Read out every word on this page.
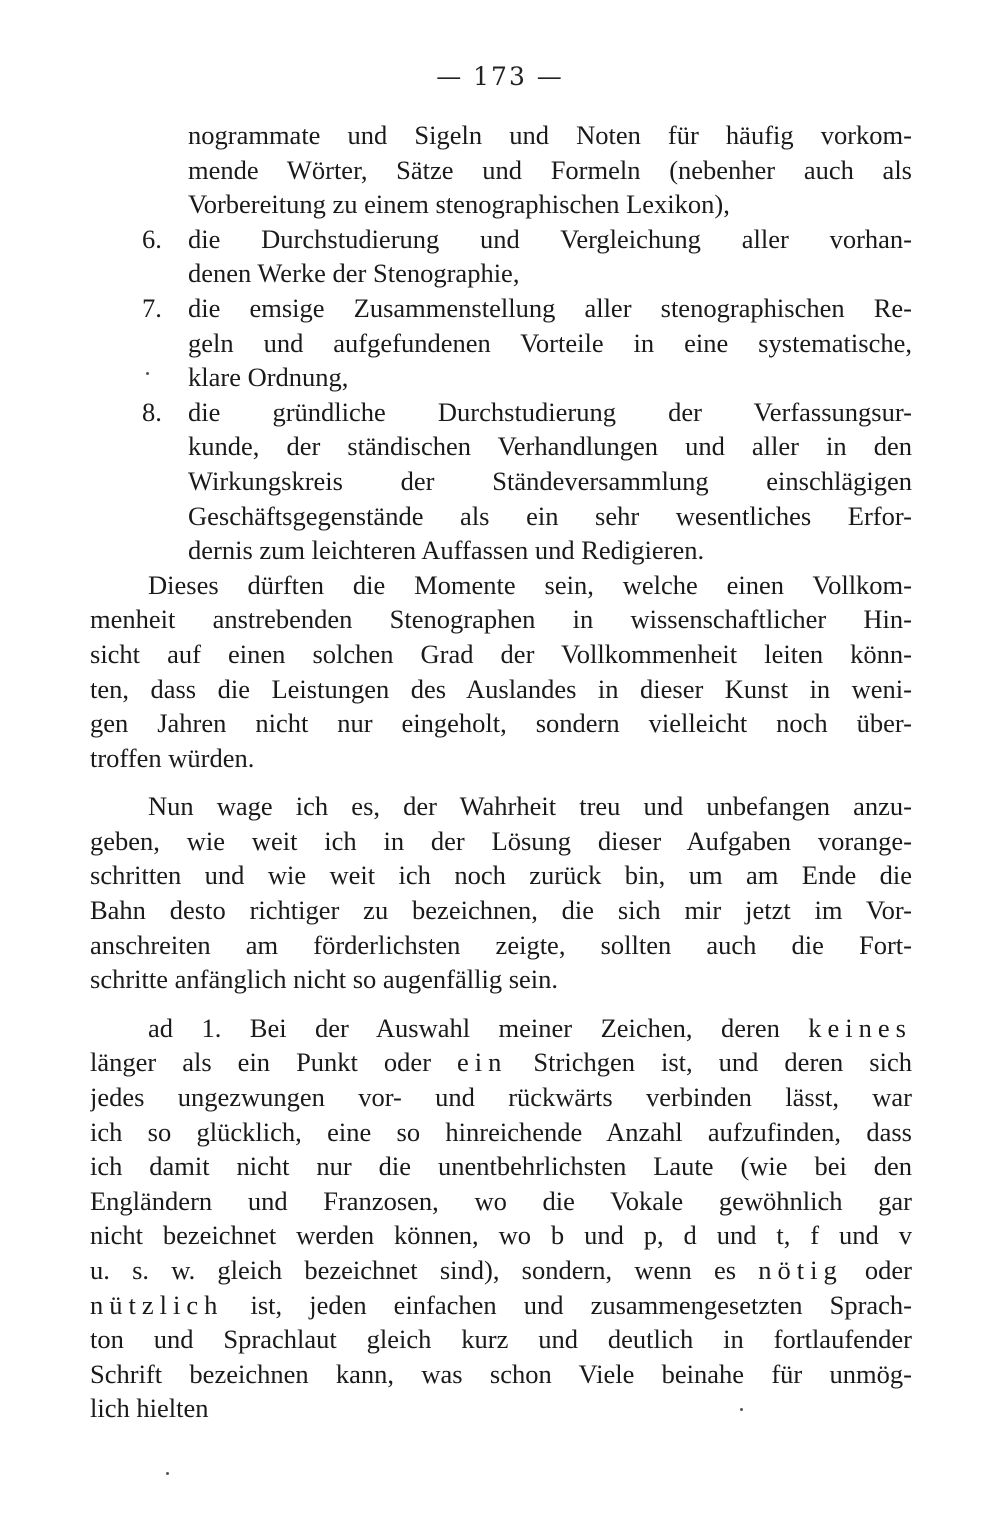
— 173 —
nogrammate und Sigeln und Noten für häufig vorkom-
mende Wörter, Sätze und Formeln (nebenher auch als
Vorbereitung zu einem stenographischen Lexikon),
6. die Durchstudierung und Vergleichung aller vorhan-
denen Werke der Stenographie,
7. die emsige Zusammenstellung aller stenographischen Re-
geln und aufgefundenen Vorteile in eine systematische,
klare Ordnung,
8. die gründliche Durchstudierung der Verfassungsur-
kunde, der ständischen Verhandlungen und aller in den
Wirkungskreis der Ständeversammlung einschlägigen
Geschäftsgegenstände als ein sehr wesentliches Erfor-
dernis zum leichteren Auffassen und Redigieren.
Dieses dürften die Momente sein, welche einen Vollkom-
menheit anstrebenden Stenographen in wissenschaftlicher Hin-
sicht auf einen solchen Grad der Vollkommenheit leiten könn-
ten, dass die Leistungen des Auslandes in dieser Kunst in weni-
gen Jahren nicht nur eingeholt, sondern vielleicht noch über-
troffen würden.
Nun wage ich es, der Wahrheit treu und unbefangen anzu-
geben, wie weit ich in der Lösung dieser Aufgaben vorange-
schritten und wie weit ich noch zurück bin, um am Ende die
Bahn desto richtiger zu bezeichnen, die sich mir jetzt im Vor-
anschreiten am förderlichsten zeigte, sollten auch die Fort-
schritte anfänglich nicht so augenfällig sein.
ad 1. Bei der Auswahl meiner Zeichen, deren keines
länger als ein Punkt oder ein Strichgen ist, und deren sich
jedes ungezwungen vor- und rückwärts verbinden lässt, war
ich so glücklich, eine so hinreichende Anzahl aufzufinden, dass
ich damit nicht nur die unentbehrlichsten Laute (wie bei den
Engländern und Franzosen, wo die Vokale gewöhnlich gar
nicht bezeichnet werden können, wo b und p, d und t, f und v
u. s. w. gleich bezeichnet sind), sondern, wenn es nötig oder
nützlich ist, jeden einfachen und zusammengesetzten Sprach-
ton und Sprachlaut gleich kurz und deutlich in fortlaufender
Schrift bezeichnen kann, was schon Viele beinahe für unmög-
lich hielten
